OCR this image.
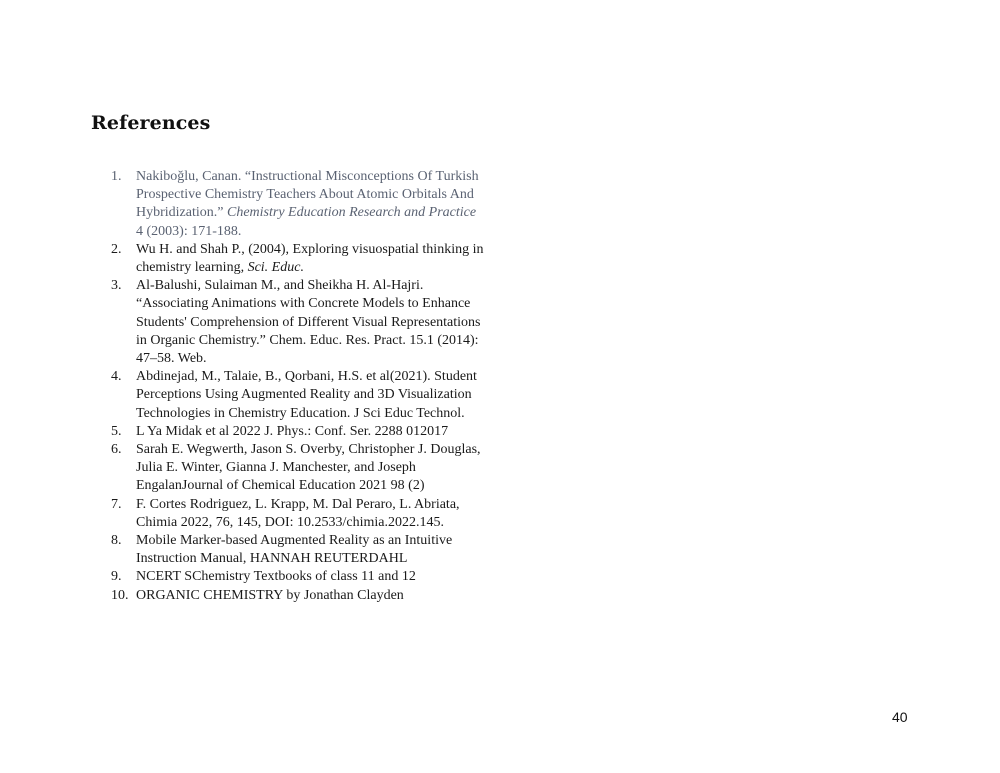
References
1.	Nakiboğlu, Canan. “Instructional Misconceptions Of Turkish Prospective Chemistry Teachers About Atomic Orbitals And Hybridization.” Chemistry Education Research and Practice 4 (2003): 171-188.
2.	Wu H. and Shah P., (2004), Exploring visuospatial thinking in chemistry learning, Sci. Educ.
3.	Al-Balushi, Sulaiman M., and Sheikha H. Al-Hajri. “Associating Animations with Concrete Models to Enhance Students' Comprehension of Different Visual Representations in Organic Chemistry.” Chem. Educ. Res. Pract. 15.1 (2014): 47–58. Web.
4.	Abdinejad, M., Talaie, B., Qorbani, H.S. et al(2021). Student Perceptions Using Augmented Reality and 3D Visualization Technologies in Chemistry Education. J Sci Educ Technol.
5.	L Ya Midak et al 2022 J. Phys.: Conf. Ser. 2288 012017
6.	Sarah E. Wegwerth, Jason S. Overby, Christopher J. Douglas, Julia E. Winter, Gianna J. Manchester, and Joseph EngalanJournal of Chemical Education 2021 98 (2)
7.	F. Cortes Rodriguez, L. Krapp, M. Dal Peraro, L. Abriata, Chimia 2022, 76, 145, DOI: 10.2533/chimia.2022.145.
8.	Mobile Marker-based Augmented Reality as an Intuitive Instruction Manual, HANNAH REUTERDAHL
9.	NCERT SChemistry Textbooks of class 11 and 12
10. ORGANIC CHEMISTRY by Jonathan Clayden
40
